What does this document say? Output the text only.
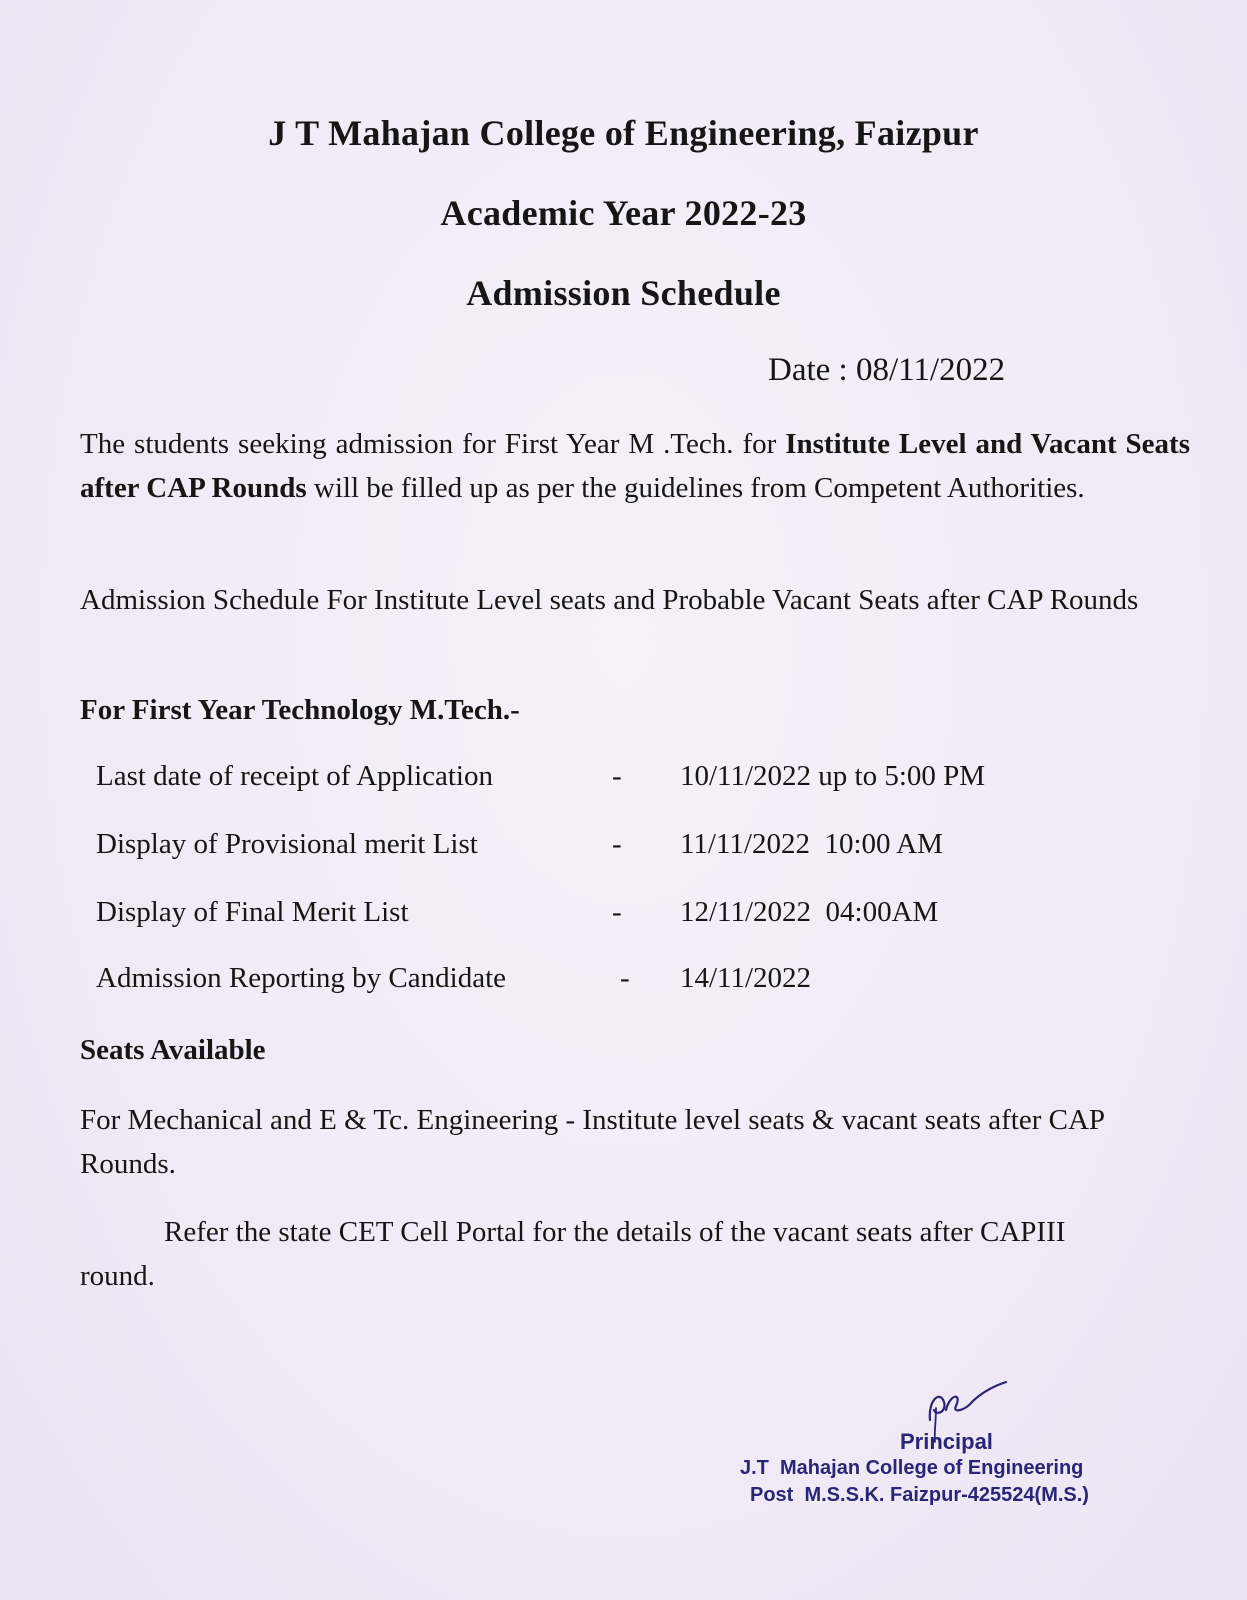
J T Mahajan College of Engineering, Faizpur
Academic Year 2022-23
Admission Schedule
Date : 08/11/2022
The students seeking admission for First Year M .Tech. for Institute Level and Vacant Seats after CAP Rounds will be filled up as per the guidelines from Competent Authorities.
Admission Schedule For Institute Level seats and Probable Vacant Seats after CAP Rounds
For First Year Technology M.Tech.-
Last date of receipt of Application	- 10/11/2022 up to 5:00 PM
Display of Provisional merit List	- 11/11/2022  10:00 AM
Display of Final Merit List	- 12/11/2022  04:00AM
Admission Reporting by Candidate	- 14/11/2022
Seats Available
For Mechanical and E & Tc. Engineering - Institute level seats & vacant seats after CAP Rounds.
Refer the state CET Cell Portal for the details of the vacant seats after CAPIII round.
Principal
J.T  Mahajan College of Engineering
Post  M.S.S.K. Faizpur-425524(M.S.)
